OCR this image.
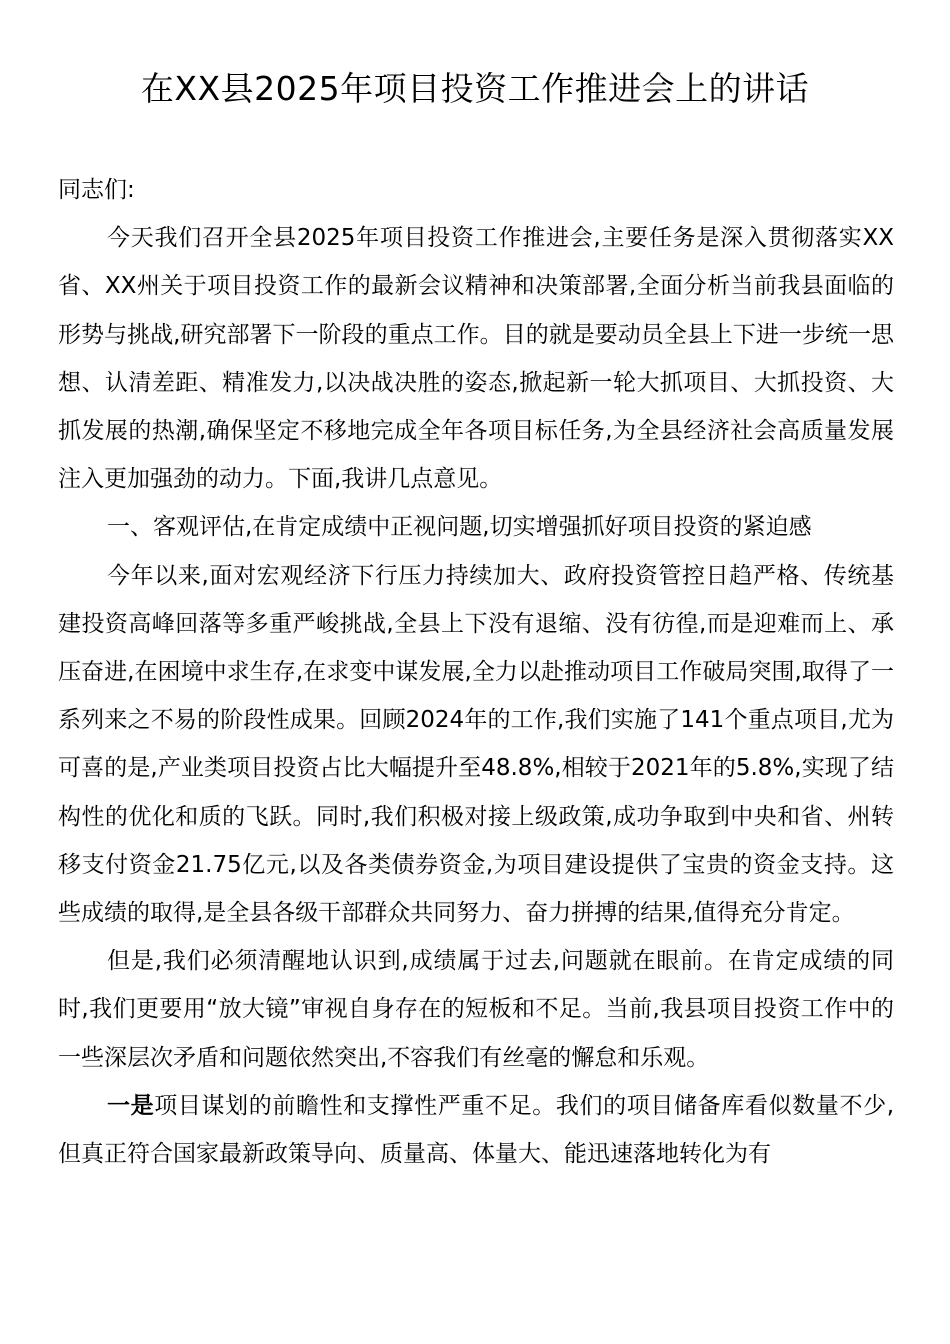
在XX县2025年项目投资工作推进会上的讲话

同志们:

今天我们召开全县2025年项目投资工作推进会,主要任务是深入贯彻落实XX省、XX州关于项目投资工作的最新会议精神和决策部署,全面分析当前我县面临的形势与挑战,研究部署下一阶段的重点工作。目的就是要动员全县上下进一步统一思想、认清差距、精准发力,以决战决胜的姿态,掀起新一轮大抓项目、大抓投资、大抓发展的热潮,确保坚定不移地完成全年各项目标任务,为全县经济社会高质量发展注入更加强劲的动力。下面,我讲几点意见。

一、客观评估,在肯定成绩中正视问题,切实增强抓好项目投资的紧迫感

今年以来,面对宏观经济下行压力持续加大、政府投资管控日趋严格、传统基建投资高峰回落等多重严峻挑战,全县上下没有退缩、没有彷徨,而是迎难而上、承压奋进,在困境中求生存,在求变中谋发展,全力以赴推动项目工作破局突围,取得了一系列来之不易的阶段性成果。回顾2024年的工作,我们实施了141个重点项目,尤为可喜的是,产业类项目投资占比大幅提升至48.8%,相较于2021年的5.8%,实现了结构性的优化和质的飞跃。同时,我们积极对接上级政策,成功争取到中央和省、州转移支付资金21.75亿元,以及各类债券资金,为项目建设提供了宝贵的资金支持。这些成绩的取得,是全县各级干部群众共同努力、奋力拼搏的结果,值得充分肯定。

但是,我们必须清醒地认识到,成绩属于过去,问题就在眼前。在肯定成绩的同时,我们更要用“放大镜”审视自身存在的短板和不足。当前,我县项目投资工作中的一些深层次矛盾和问题依然突出,不容我们有丝毫的懈怠和乐观。

一是项目谋划的前瞻性和支撑性严重不足。我们的项目储备库看似数量不少,但真正符合国家最新政策导向、质量高、体量大、能迅速落地转化为有
